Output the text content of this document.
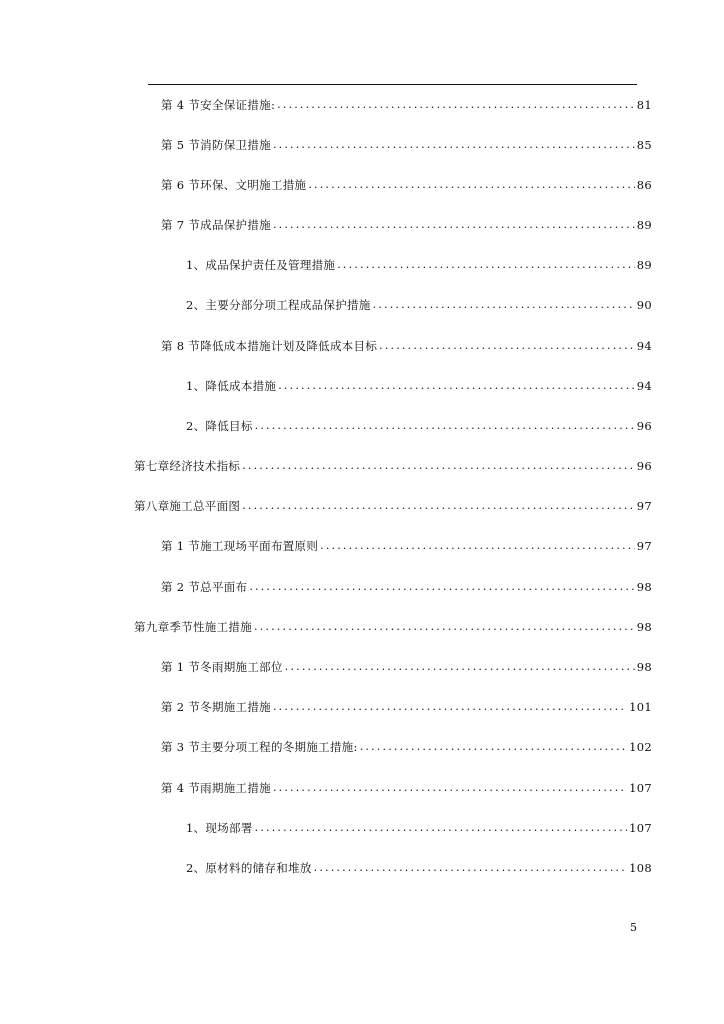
第 4 节 安全保证措施: .....	81
第 5 节 消防保卫措施 .....	85
第 6 节 环保、文明施工措施 .....	86
第 7 节 成品保护措施 .....	89
1、 成品保护责任及管理措施 .....	89
2、 主要分部分项工程成品保护措施 .....	90
第 8 节 降低成本措施计划及降低成本目标 .....	94
1、 降低成本措施 .....	94
2、 降低目标 .....	96
第七章 经济技术指标 .....	96
第八章 施工总平面图 .....	97
第 1 节 施工现场平面布置原则 .....	97
第 2 节 总平面布 .....	98
第九章 季节性施工措施 .....	98
第 1 节 冬雨期施工部位 .....	98
第 2 节 冬期施工措施 .....	101
第 3 节 主要分项工程的冬期施工措施: .....	102
第 4 节 雨期施工措施 .....	107
1、 现场部署 .....	107
2、 原材料的储存和堆放 .....	108
5
